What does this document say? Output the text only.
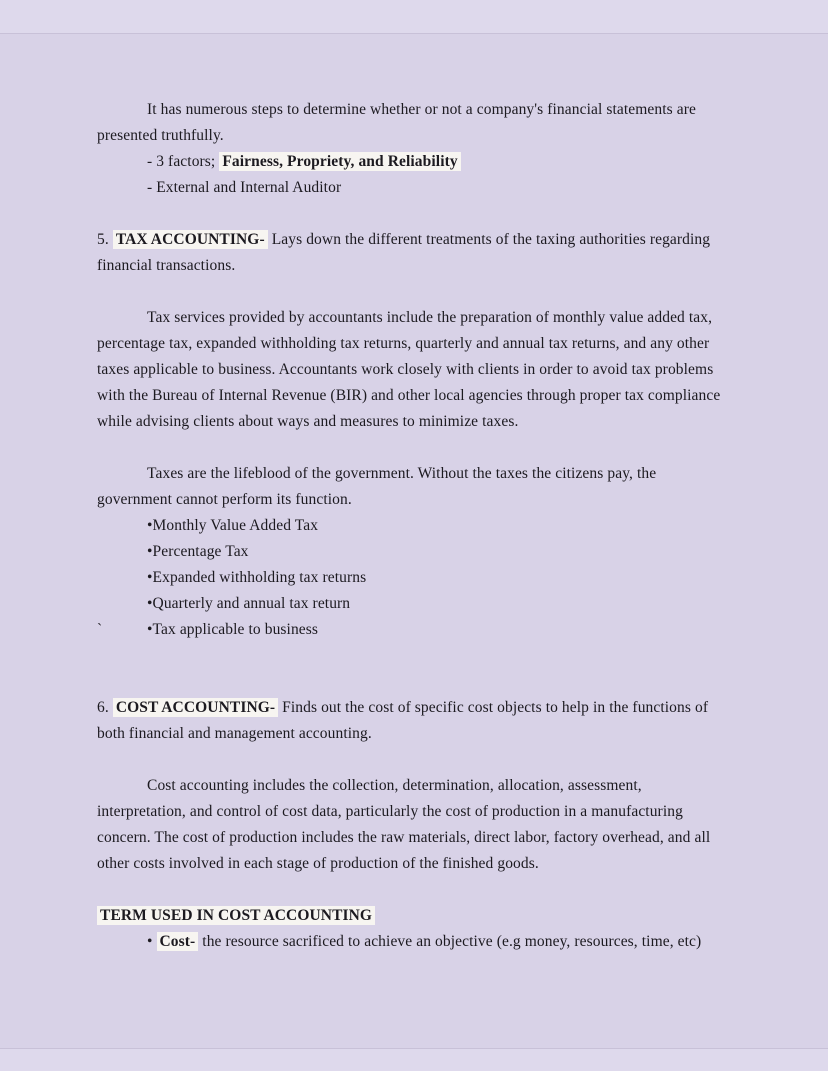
It has numerous steps to determine whether or not a company's financial statements are presented truthfully.

- 3 factors; Fairness, Propriety, and Reliability

- External and Internal Auditor

5. TAX ACCOUNTING- Lays down the different treatments of the taxing authorities regarding financial transactions.

Tax services provided by accountants include the preparation of monthly value added tax, percentage tax, expanded withholding tax returns, quarterly and annual tax returns, and any other taxes applicable to business. Accountants work closely with clients in order to avoid tax problems with the Bureau of Internal Revenue (BIR) and other local agencies through proper tax compliance while advising clients about ways and measures to minimize taxes.

Taxes are the lifeblood of the government. Without the taxes the citizens pay, the government cannot perform its function.

•Monthly Value Added Tax

•Percentage Tax

•Expanded withholding tax returns

•Quarterly and annual tax return

•Tax applicable to business

`

6. COST ACCOUNTING- Finds out the cost of specific cost objects to help in the functions of both financial and management accounting.

Cost accounting includes the collection, determination, allocation, assessment, interpretation, and control of cost data, particularly the cost of production in a manufacturing concern. The cost of production includes the raw materials, direct labor, factory overhead, and all other costs involved in each stage of production of the finished goods.

TERM USED IN COST ACCOUNTING

• Cost- the resource sacrificed to achieve an objective (e.g money, resources, time, etc)
